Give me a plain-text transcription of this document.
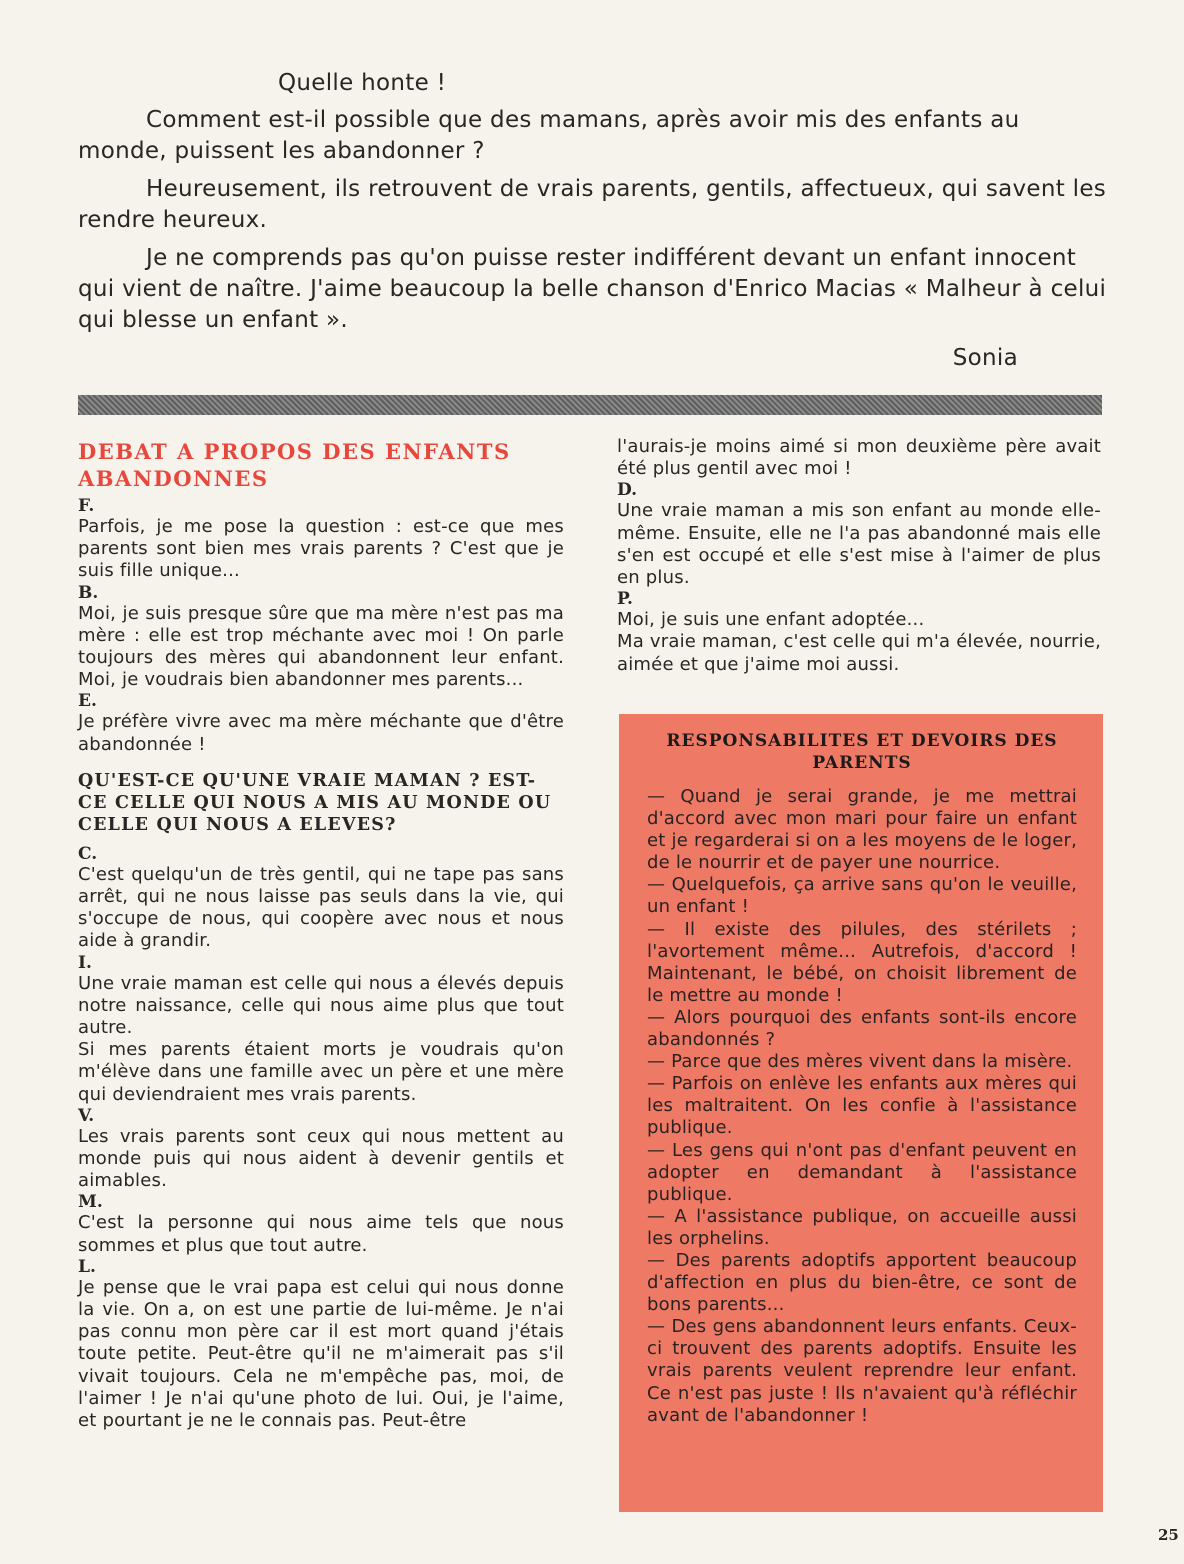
Quelle honte !

Comment est-il possible que des mamans, après avoir mis des enfants au monde, puissent les abandonner ?

Heureusement, ils retrouvent de vrais parents, gentils, affectueux, qui savent les rendre heureux.

Je ne comprends pas qu'on puisse rester indifférent devant un enfant innocent qui vient de naître. J'aime beaucoup la belle chanson d'Enrico Macias « Malheur à celui qui blesse un enfant ».

Sonia

DEBAT A PROPOS DES ENFANTS ABANDONNES

F.

Parfois, je me pose la question : est-ce que mes parents sont bien mes vrais parents ? C'est que je suis fille unique...

B.

Moi, je suis presque sûre que ma mère n'est pas ma mère : elle est trop méchante avec moi ! On parle toujours des mères qui abandonnent leur enfant. Moi, je voudrais bien abandonner mes parents...

E.

Je préfère vivre avec ma mère méchante que d'être abandonnée !

QU'EST-CE QU'UNE VRAIE MAMAN ? EST-CE CELLE QUI NOUS A MIS AU MONDE OU CELLE QUI NOUS A ELEVES?

C.

C'est quelqu'un de très gentil, qui ne tape pas sans arrêt, qui ne nous laisse pas seuls dans la vie, qui s'occupe de nous, qui coopère avec nous et nous aide à grandir.

I.

Une vraie maman est celle qui nous a élevés depuis notre naissance, celle qui nous aime plus que tout autre.

Si mes parents étaient morts je voudrais qu'on m'élève dans une famille avec un père et une mère qui deviendraient mes vrais parents.

V.

Les vrais parents sont ceux qui nous mettent au monde puis qui nous aident à devenir gentils et aimables.

M.

C'est la personne qui nous aime tels que nous sommes et plus que tout autre.

L.

Je pense que le vrai papa est celui qui nous donne la vie. On a, on est une partie de lui-même. Je n'ai pas connu mon père car il est mort quand j'étais toute petite. Peut-être qu'il ne m'aimerait pas s'il vivait toujours. Cela ne m'empêche pas, moi, de l'aimer ! Je n'ai qu'une photo de lui. Oui, je l'aime, et pourtant je ne le connais pas. Peut-être

l'aurais-je moins aimé si mon deuxième père avait été plus gentil avec moi !

D.

Une vraie maman a mis son enfant au monde elle-même. Ensuite, elle ne l'a pas abandonné mais elle s'en est occupé et elle s'est mise à l'aimer de plus en plus.

P.

Moi, je suis une enfant adoptée...

Ma vraie maman, c'est celle qui m'a élevée, nourrie, aimée et que j'aime moi aussi.

RESPONSABILITES ET DEVOIRS DES PARENTS

— Quand je serai grande, je me mettrai d'accord avec mon mari pour faire un enfant et je regarderai si on a les moyens de le loger, de le nourrir et de payer une nourrice.

— Quelquefois, ça arrive sans qu'on le veuille, un enfant !

— Il existe des pilules, des stérilets ; l'avortement même... Autrefois, d'accord ! Maintenant, le bébé, on choisit librement de le mettre au monde !

— Alors pourquoi des enfants sont-ils encore abandonnés ?

— Parce que des mères vivent dans la misère.

— Parfois on enlève les enfants aux mères qui les maltraitent. On les confie à l'assistance publique.

— Les gens qui n'ont pas d'enfant peuvent en adopter en demandant à l'assistance publique.

— A l'assistance publique, on accueille aussi les orphelins.

— Des parents adoptifs apportent beaucoup d'affection en plus du bien-être, ce sont de bons parents...

— Des gens abandonnent leurs enfants. Ceux-ci trouvent des parents adoptifs. Ensuite les vrais parents veulent reprendre leur enfant. Ce n'est pas juste ! Ils n'avaient qu'à réfléchir avant de l'abandonner !

25
